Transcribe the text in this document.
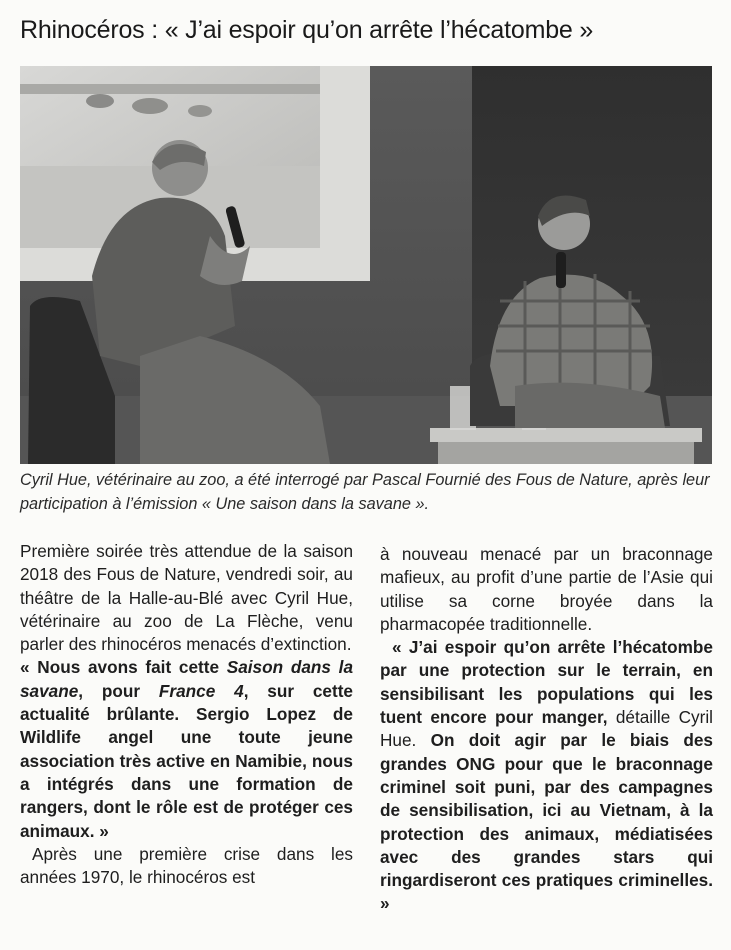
Rhinocéros : « J’ai espoir qu’on arrête l’hécatombe »
Cyril Hue, vétérinaire au zoo, a été interrogé par Pascal Fournié des Fous de Nature, après leur participation à l’émission « Une saison dans la savane ».

Première soirée très attendue de la saison 2018 des Fous de Nature, vendredi soir, au théâtre de la Halle-au-Blé avec Cyril Hue, vétérinaire au zoo de La Flèche, venu parler des rhinocéros menacés d’extinction.

« Nous avons fait cette Saison dans la savane, pour France 4, sur cette actualité brûlante. Sergio Lopez de Wildlife angel une toute jeune association très active en Namibie, nous a intégrés dans une formation de rangers, dont le rôle est de protéger ces animaux. »

Après une première crise dans les années 1970, le rhinocéros est

à nouveau menacé par un braconnage mafieux, au profit d’une partie de l’Asie qui utilise sa corne broyée dans la pharmacopée traditionnelle.

« J’ai espoir qu’on arrête l’hécatombe par une protection sur le terrain, en sensibilisant les populations qui les tuent encore pour manger, détaille Cyril Hue. On doit agir par le biais des grandes ONG pour que le braconnage criminel soit puni, par des campagnes de sensibilisation, ici au Vietnam, à la protection des animaux, médiatisées avec des grandes stars qui ringardiseront ces pratiques criminelles. »
